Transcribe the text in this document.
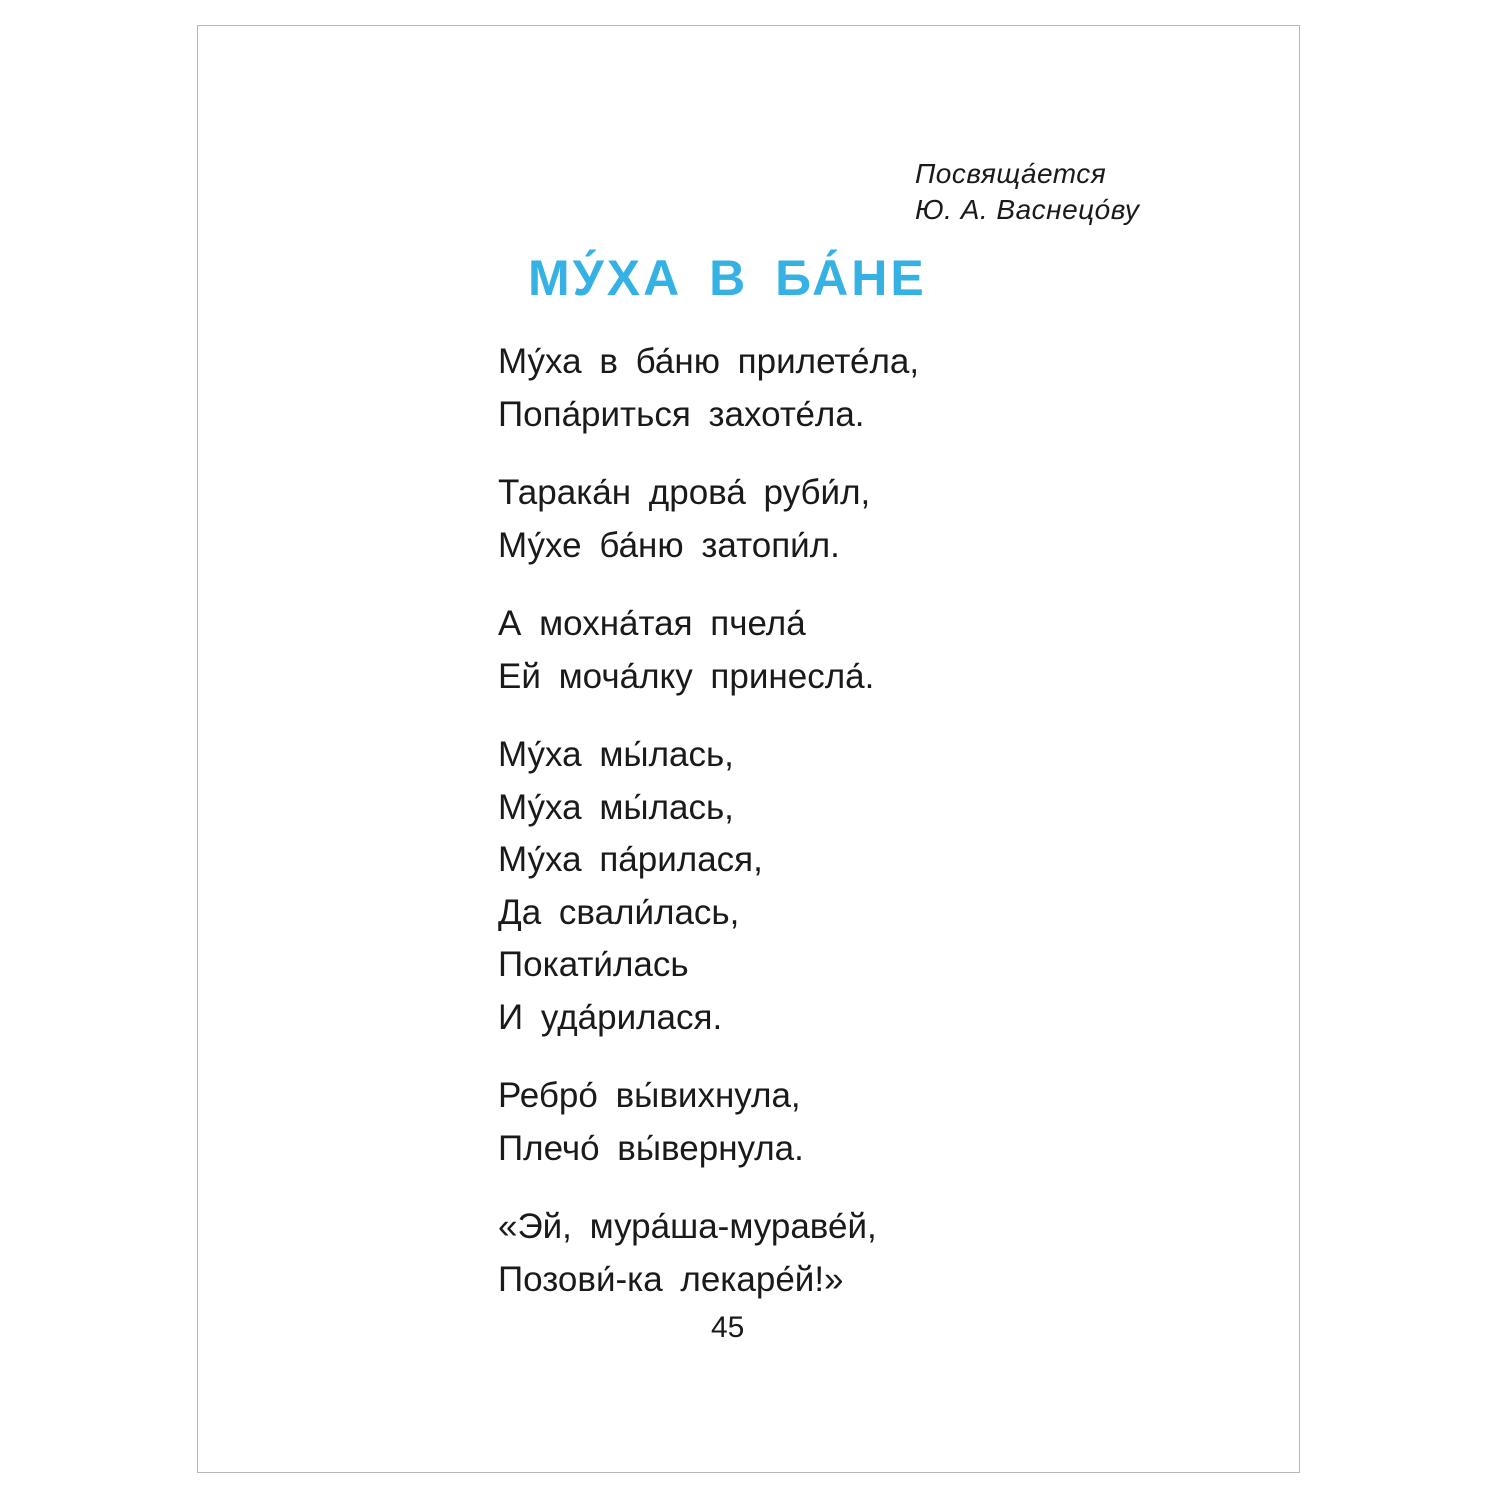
Посвяща́ется
Ю. А. Васнецо́ву
МУ́ХА В БА́НЕ
Му́ха в ба́ню прилете́ла,
Попа́риться захоте́ла.
Тарака́н дрова́ руби́л,
Му́хе ба́ню затопи́л.
А мохна́тая пчела́
Ей моча́лку принесла́.
Му́ха мы́лась,
Му́ха мы́лась,
Му́ха па́рилася,
Да свали́лась,
Покати́лась
И уда́рилася.
Ребро́ вы́вихнула,
Плечо́ вы́вернула.
«Эй, мура́ша-мураве́й,
Позови́-ка лекаре́й!»
45
